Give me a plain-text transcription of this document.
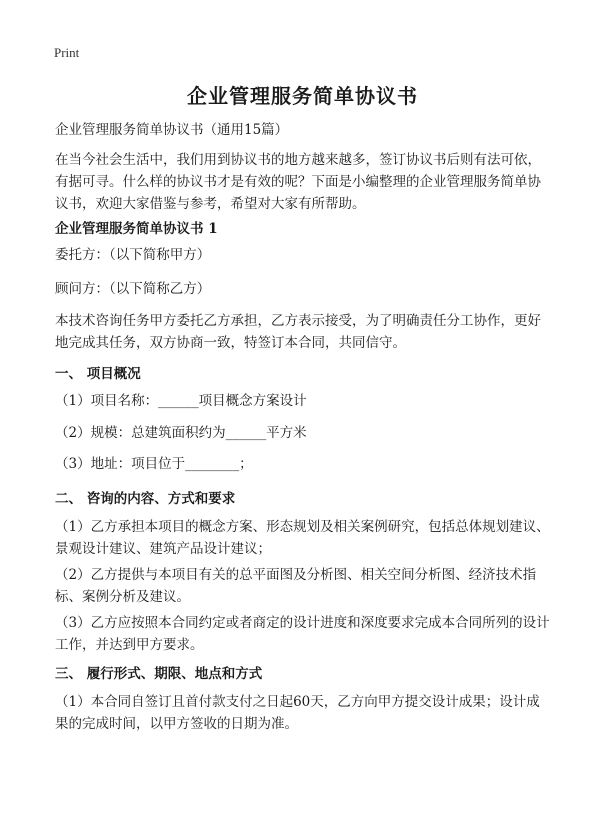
Print
企业管理服务简单协议书

企业管理服务简单协议书（通用15篇）

在当今社会生活中，我们用到协议书的地方越来越多，签订协议书后则有法可依，有据可寻。什么样的协议书才是有效的呢？下面是小编整理的企业管理服务简单协议书，欢迎大家借鉴与参考，希望对大家有所帮助。

企业管理服务简单协议书 1

委托方：（以下简称甲方）

顾问方：（以下简称乙方）

本技术咨询任务甲方委托乙方承担，乙方表示接受，为了明确责任分工协作，更好地完成其任务，双方协商一致，特签订本合同，共同信守。

一、 项目概况

（1）项目名称：______项目概念方案设计

（2）规模：总建筑面积约为______平方米

（3）地址：项目位于________；

二、 咨询的内容、方式和要求

（1）乙方承担本项目的概念方案、形态规划及相关案例研究，包括总体规划建议、景观设计建议、建筑产品设计建议；

（2）乙方提供与本项目有关的总平面图及分析图、相关空间分析图、经济技术指标、案例分析及建议。

（3）乙方应按照本合同约定或者商定的设计进度和深度要求完成本合同所列的设计工作，并达到甲方要求。

三、 履行形式、期限、地点和方式

（1）本合同自签订且首付款支付之日起60天，乙方向甲方提交设计成果；设计成果的完成时间，以甲方签收的日期为准。
